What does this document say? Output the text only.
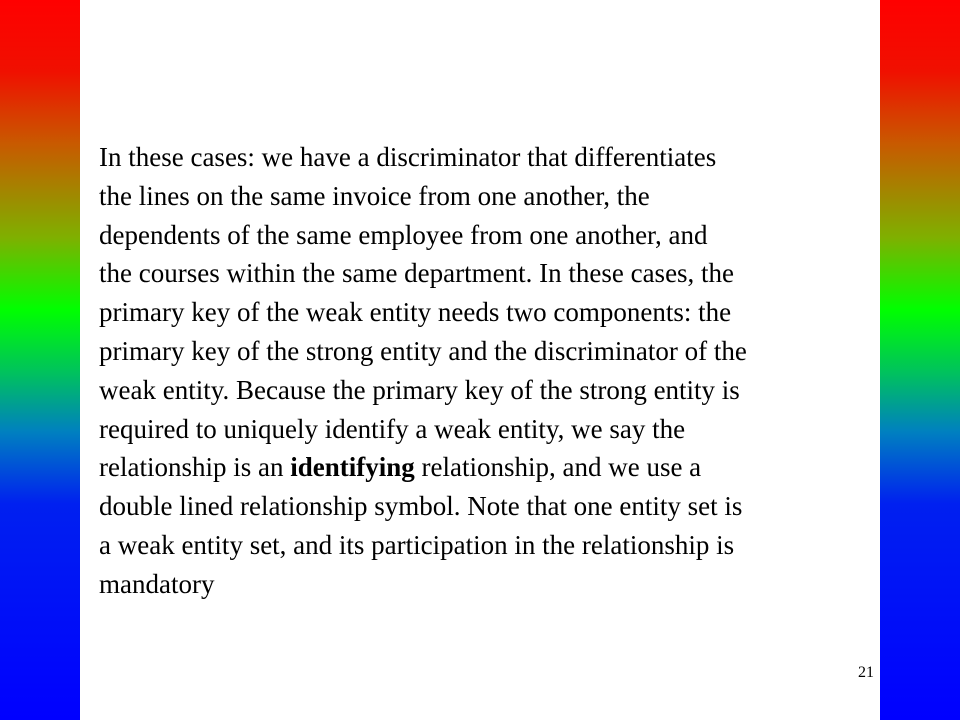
In these cases: we have a discriminator that differentiates
the lines on the same invoice from one another, the
dependents of the same employee from one another, and
the courses within the same department. In these cases, the
primary key of the weak entity needs two components: the
primary key of the strong entity and the discriminator of the
weak entity. Because the primary key of the strong entity is
required to uniquely identify a weak entity, we say the
relationship is an identifying relationship, and we use a
double lined relationship symbol. Note that one entity set is
a weak entity set, and its participation in the relationship is
mandatory

21
